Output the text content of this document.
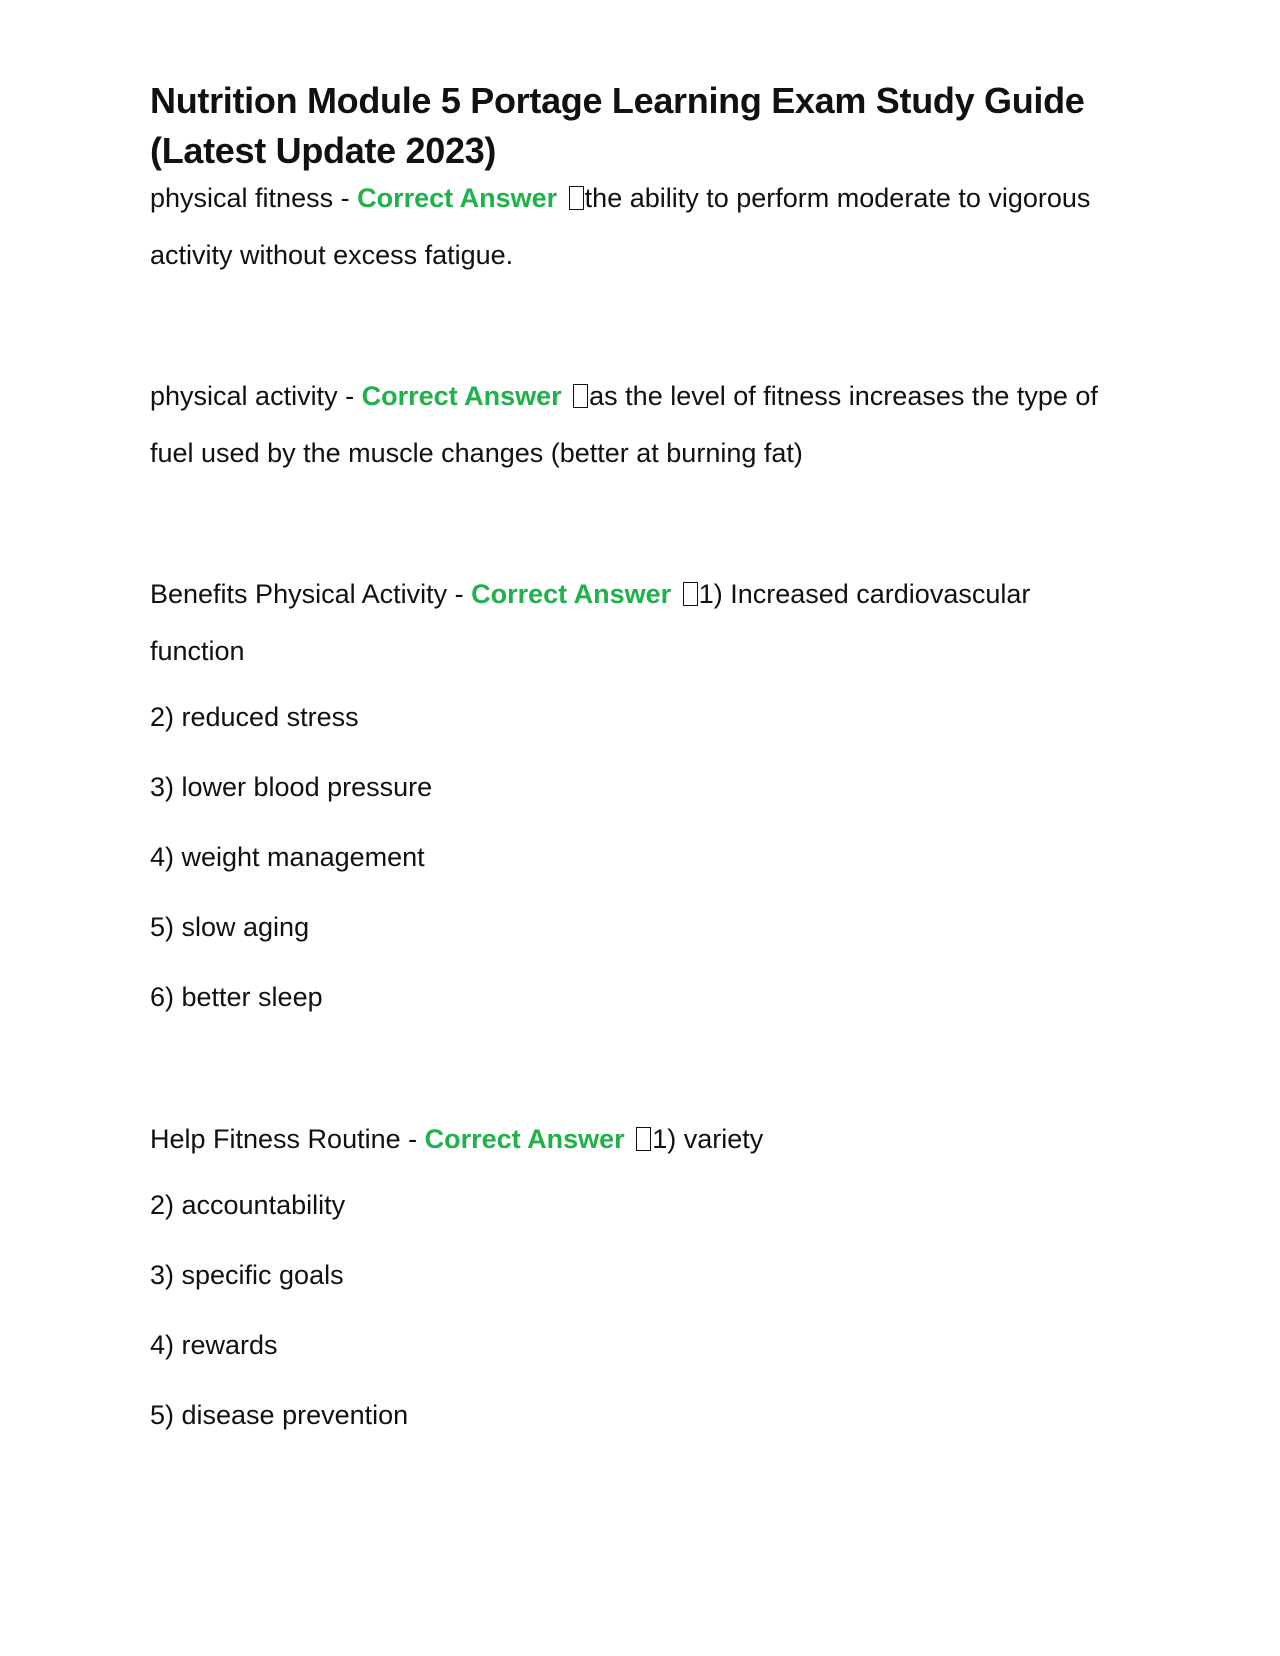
Nutrition Module 5 Portage Learning Exam Study Guide (Latest Update 2023)

physical fitness - Correct Answer the ability to perform moderate to vigorous activity without excess fatigue.

physical activity - Correct Answer as the level of fitness increases the type of fuel used by the muscle changes (better at burning fat)

Benefits Physical Activity - Correct Answer 1) Increased cardiovascular function

2) reduced stress

3) lower blood pressure

4) weight management

5) slow aging

6) better sleep

Help Fitness Routine - Correct Answer 1) variety

2) accountability

3) specific goals

4) rewards

5) disease prevention
